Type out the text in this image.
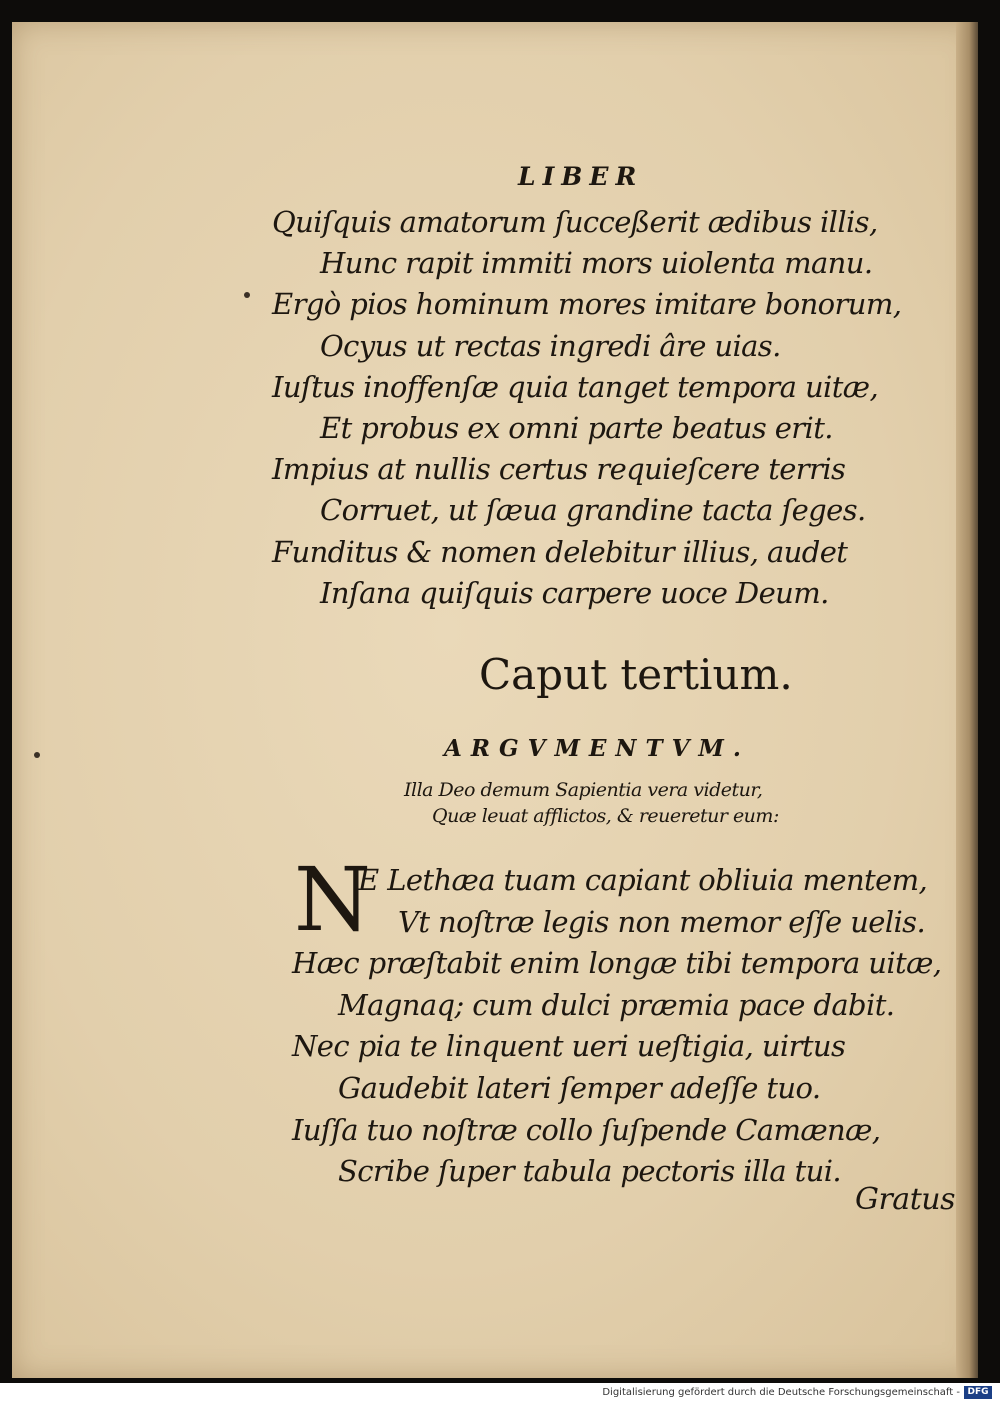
LIBER
Quiſquis amatorum ſucceßerit ædibus illis,
Hunc rapit immiti mors uiolenta manu.
Ergò pios hominum mores imitare bonorum,
Ocyus ut rectas ingredi âre uias.
Iuſtus inoffenſæ quia tanget tempora uitæ,
Et probus ex omni parte beatus erit.
Impius at nullis certus requieſcere terris
Corruet, ut ſæua grandine tacta ſeges.
Funditus & nomen delebitur illius, audet
Inſana quiſquis carpere uoce Deum.
Caput tertium.
ARGVMENTVM.
Illa Deo demum Sapientia vera videtur,
Quæ leuat afflictos, & reueretur eum:
N
E Lethæa tuam capiant obliuia mentem,
Vt noſtræ legis non memor eſſe uelis.
Hæc præſtabit enim longæ tibi tempora uitæ,
Magnaq; cum dulci præmia pace dabit.
Nec pia te linquent ueri ueſtigia, uirtus
Gaudebit lateri ſemper adeſſe tuo.
Iuſſa tuo noſtræ collo ſuſpende Camænæ,
Scribe ſuper tabula pectoris illa tui.
Gratus
Digitalisierung gefördert durch die Deutsche Forschungsgemeinschaft - DFG
